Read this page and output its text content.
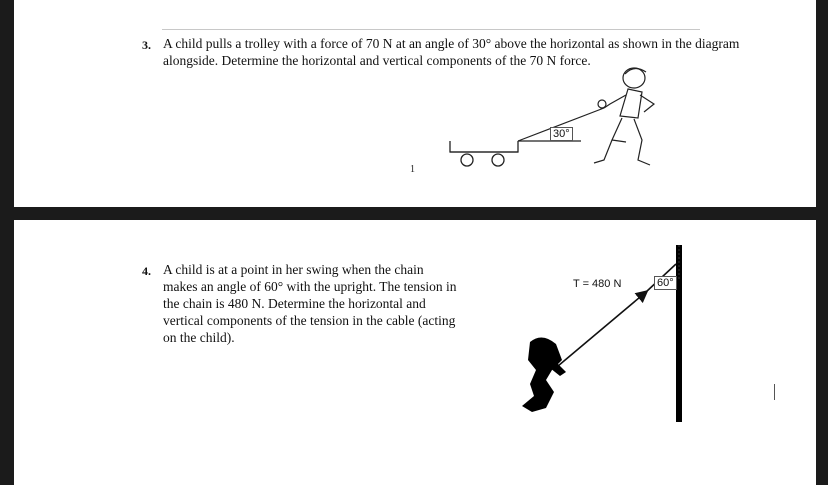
3. A child pulls a trolley with a force of 70 N at an angle of 30° above the horizontal as shown in the diagram
alongside. Determine the horizontal and vertical components of the 70 N force.

30°
1
4. A child is at a point in her swing when the chain
makes an angle of 60° with the upright. The tension in
the chain is 480 N. Determine the horizontal and
vertical components of the tension in the cable (acting
on the child).

T = 480 N	60°
